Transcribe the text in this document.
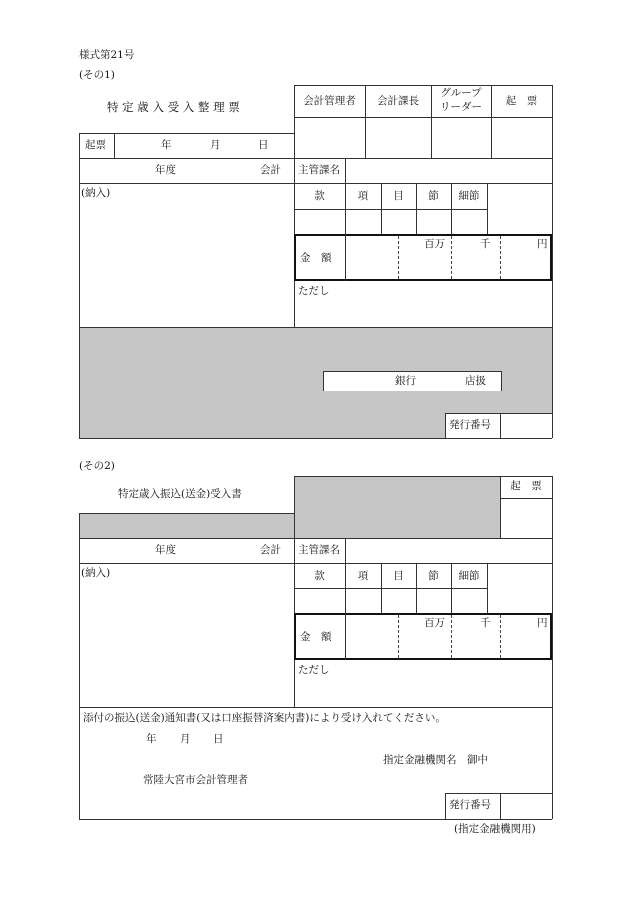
様式第21号
(その1)
特 定 歳 入 受 入 整 理 票	会計管理者	会計課長
グループ
リーダー	起　票
起票	年	月	日
年度	会計 主管課名
(納入)	款	項	目	節	細節
金　額
百万	千	円
ただし
銀行	店扱
発行番号
(その2)
特定歳入振込(送金)受入書
起　票
年度	会計 主管課名
(納入)	款	項	目	節	細節
金　額
百万	千	円
ただし
添付の振込(送金)通知書(又は口座振替済案内書)により受け入れてください。
年 月 日
指定金融機関名　御中
常陸大宮市会計管理者
発行番号
(指定金融機関用)
